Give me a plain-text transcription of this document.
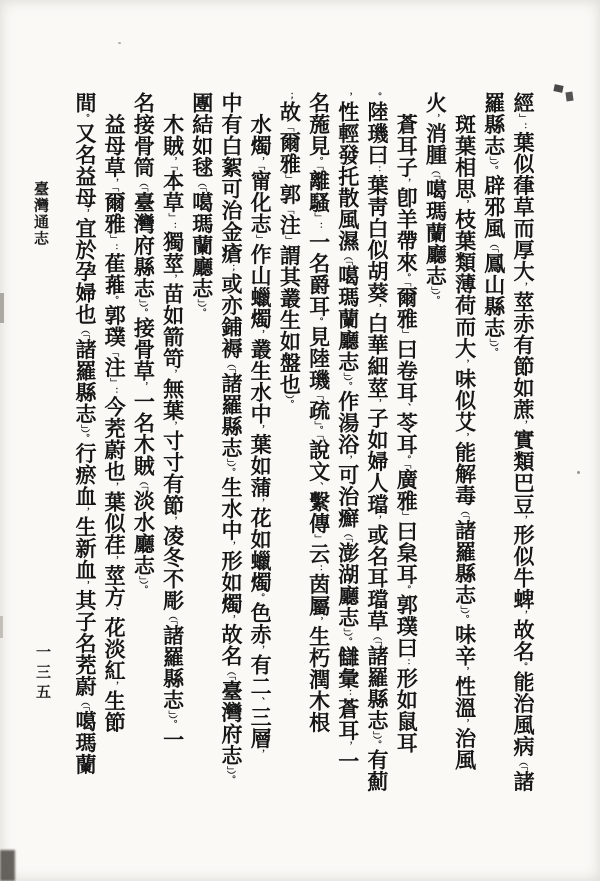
臺灣通志
經」：葉似葎草而厚大，莖赤有節如蔗，實類巴豆，形似牛蜱，故名。能治風病（「諸
羅縣志」）。辟邪風（「鳳山縣志」）。
　斑葉相思，枝葉類薄荷而大，味似艾，能解毒（「諸羅縣志」）。味辛，性溫，治風
火，消腫（「噶瑪蘭廳志」）。
　蒼耳子，卽羊帶來。「爾雅」曰卷耳、苓耳。「廣雅」曰枲耳。郭璞曰：形如鼠耳
。陸璣曰：葉靑白似胡葵，白華細莖，子如婦人璫，或名耳璫草（「諸羅縣志」）。有薊
，性輕發托散風濕（「噶瑪蘭廳志」）。作湯浴，可治癬（「澎湖廳志」）。讎彙：蒼耳，一
名葹見。「離騷」：一名爵耳。見陸璣「疏」。「說文、繫傳」云：茵屬，生朽潤木根
；故「爾雅」郭「注」謂其叢生如盤也）。
　水燭，「甯化志」作山蠟燭，叢生水中，葉如蒲，花如蠟燭。色赤，有二、三層，
中有白絮可治金瘡；或亦鋪褥（「諸羅縣志」）。生水中，形如燭，故名（「臺灣府志」）。
團結如毬（「噶瑪蘭廳志」）。
　木賊，「本草」：獨莖，苗如箭笴，無葉，寸寸有節，凌冬不彫（「諸羅縣志」）。一
名接骨筒（「臺灣府縣志」）。接骨草，一名木賊（「淡水廳志」）。
　益母草，「爾雅」：萑蓷。郭璞「注」：今茺蔚也，葉似荏，莖方、花淡紅，生節
間。又名益母，宜於孕婦也（「諸羅縣志」）。行瘀血，生新血，其子名茺蔚（「噶瑪蘭
一三五
